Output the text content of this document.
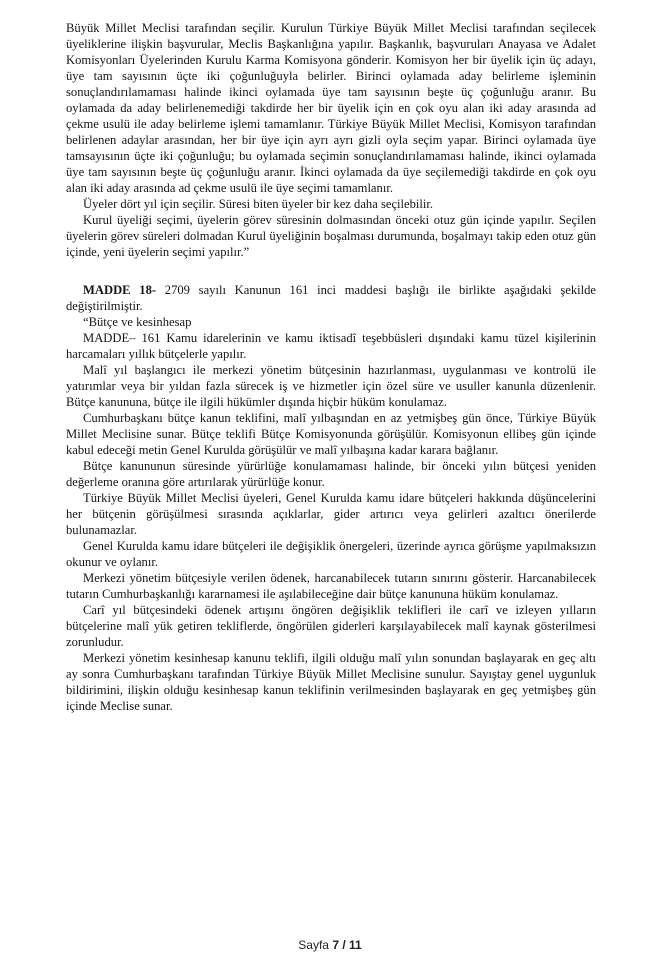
Büyük Millet Meclisi tarafından seçilir. Kurulun Türkiye Büyük Millet Meclisi tarafından seçilecek üyeliklerine ilişkin başvurular, Meclis Başkanlığına yapılır. Başkanlık, başvuruları Anayasa ve Adalet Komisyonları Üyelerinden Kurulu Karma Komisyona gönderir. Komisyon her bir üyelik için üç adayı, üye tam sayısının üçte iki çoğunluğuyla belirler. Birinci oylamada aday belirleme işleminin sonuçlandırılamaması halinde ikinci oylamada üye tam sayısının beşte üç çoğunluğu aranır. Bu oylamada da aday belirlenemediği takdirde her bir üyelik için en çok oyu alan iki aday arasında ad çekme usulü ile aday belirleme işlemi tamamlanır. Türkiye Büyük Millet Meclisi, Komisyon tarafından belirlenen adaylar arasından, her bir üye için ayrı ayrı gizli oyla seçim yapar. Birinci oylamada üye tamsayısının üçte iki çoğunluğu; bu oylamada seçimin sonuçlandırılamaması halinde, ikinci oylamada üye tam sayısının beşte üç çoğunluğu aranır. İkinci oylamada da üye seçilemediği takdirde en çok oyu alan iki aday arasında ad çekme usulü ile üye seçimi tamamlanır.

Üyeler dört yıl için seçilir. Süresi biten üyeler bir kez daha seçilebilir.

Kurul üyeliği seçimi, üyelerin görev süresinin dolmasından önceki otuz gün içinde yapılır. Seçilen üyelerin görev süreleri dolmadan Kurul üyeliğinin boşalması durumunda, boşalmayı takip eden otuz gün içinde, yeni üyelerin seçimi yapılır.”

MADDE 18- 2709 sayılı Kanunun 161 inci maddesi başlığı ile birlikte aşağıdaki şekilde değiştirilmiştir.

“Bütçe ve kesinhesap

MADDE– 161 Kamu idarelerinin ve kamu iktisadî teşebbüsleri dışındaki kamu tüzel kişilerinin harcamaları yıllık bütçelerle yapılır.

Malî yıl başlangıcı ile merkezi yönetim bütçesinin hazırlanması, uygulanması ve kontrolü ile yatırımlar veya bir yıldan fazla sürecek iş ve hizmetler için özel süre ve usuller kanunla düzenlenir. Bütçe kanununa, bütçe ile ilgili hükümler dışında hiçbir hüküm konulamaz.

Cumhurbaşkanı bütçe kanun teklifini, malî yılbaşından en az yetmişbeş gün önce, Türkiye Büyük Millet Meclisine sunar. Bütçe teklifi Bütçe Komisyonunda görüşülür. Komisyonun ellibeş gün içinde kabul edeceği metin Genel Kurulda görüşülür ve malî yılbaşına kadar karara bağlanır.

Bütçe kanununun süresinde yürürlüğe konulamaması halinde, bir önceki yılın bütçesi yeniden değerleme oranına göre artırılarak yürürlüğe konur.

Türkiye Büyük Millet Meclisi üyeleri, Genel Kurulda kamu idare bütçeleri hakkında düşüncelerini her bütçenin görüşülmesi sırasında açıklarlar, gider artırıcı veya gelirleri azaltıcı önerilerde bulunamazlar.

Genel Kurulda kamu idare bütçeleri ile değişiklik önergeleri, üzerinde ayrıca görüşme yapılmaksızın okunur ve oylanır.

Merkezi yönetim bütçesiyle verilen ödenek, harcanabilecek tutarın sınırını gösterir. Harcanabilecek tutarın Cumhurbaşkanlığı kararnamesi ile aşılabileceğine dair bütçe kanununa hüküm konulamaz.

Carî yıl bütçesindeki ödenek artışını öngören değişiklik teklifleri ile carî ve izleyen yılların bütçelerine malî yük getiren tekliflerde, öngörülen giderleri karşılayabilecek malî kaynak gösterilmesi zorunludur.

Merkezi yönetim kesinhesap kanunu teklifi, ilgili olduğu malî yılın sonundan başlayarak en geç altı ay sonra Cumhurbaşkanı tarafından Türkiye Büyük Millet Meclisine sunulur. Sayıştay genel uygunluk bildirimini, ilişkin olduğu kesinhesap kanun teklifinin verilmesinden başlayarak en geç yetmişbeş gün içinde Meclise sunar.

Sayfa 7 / 11
